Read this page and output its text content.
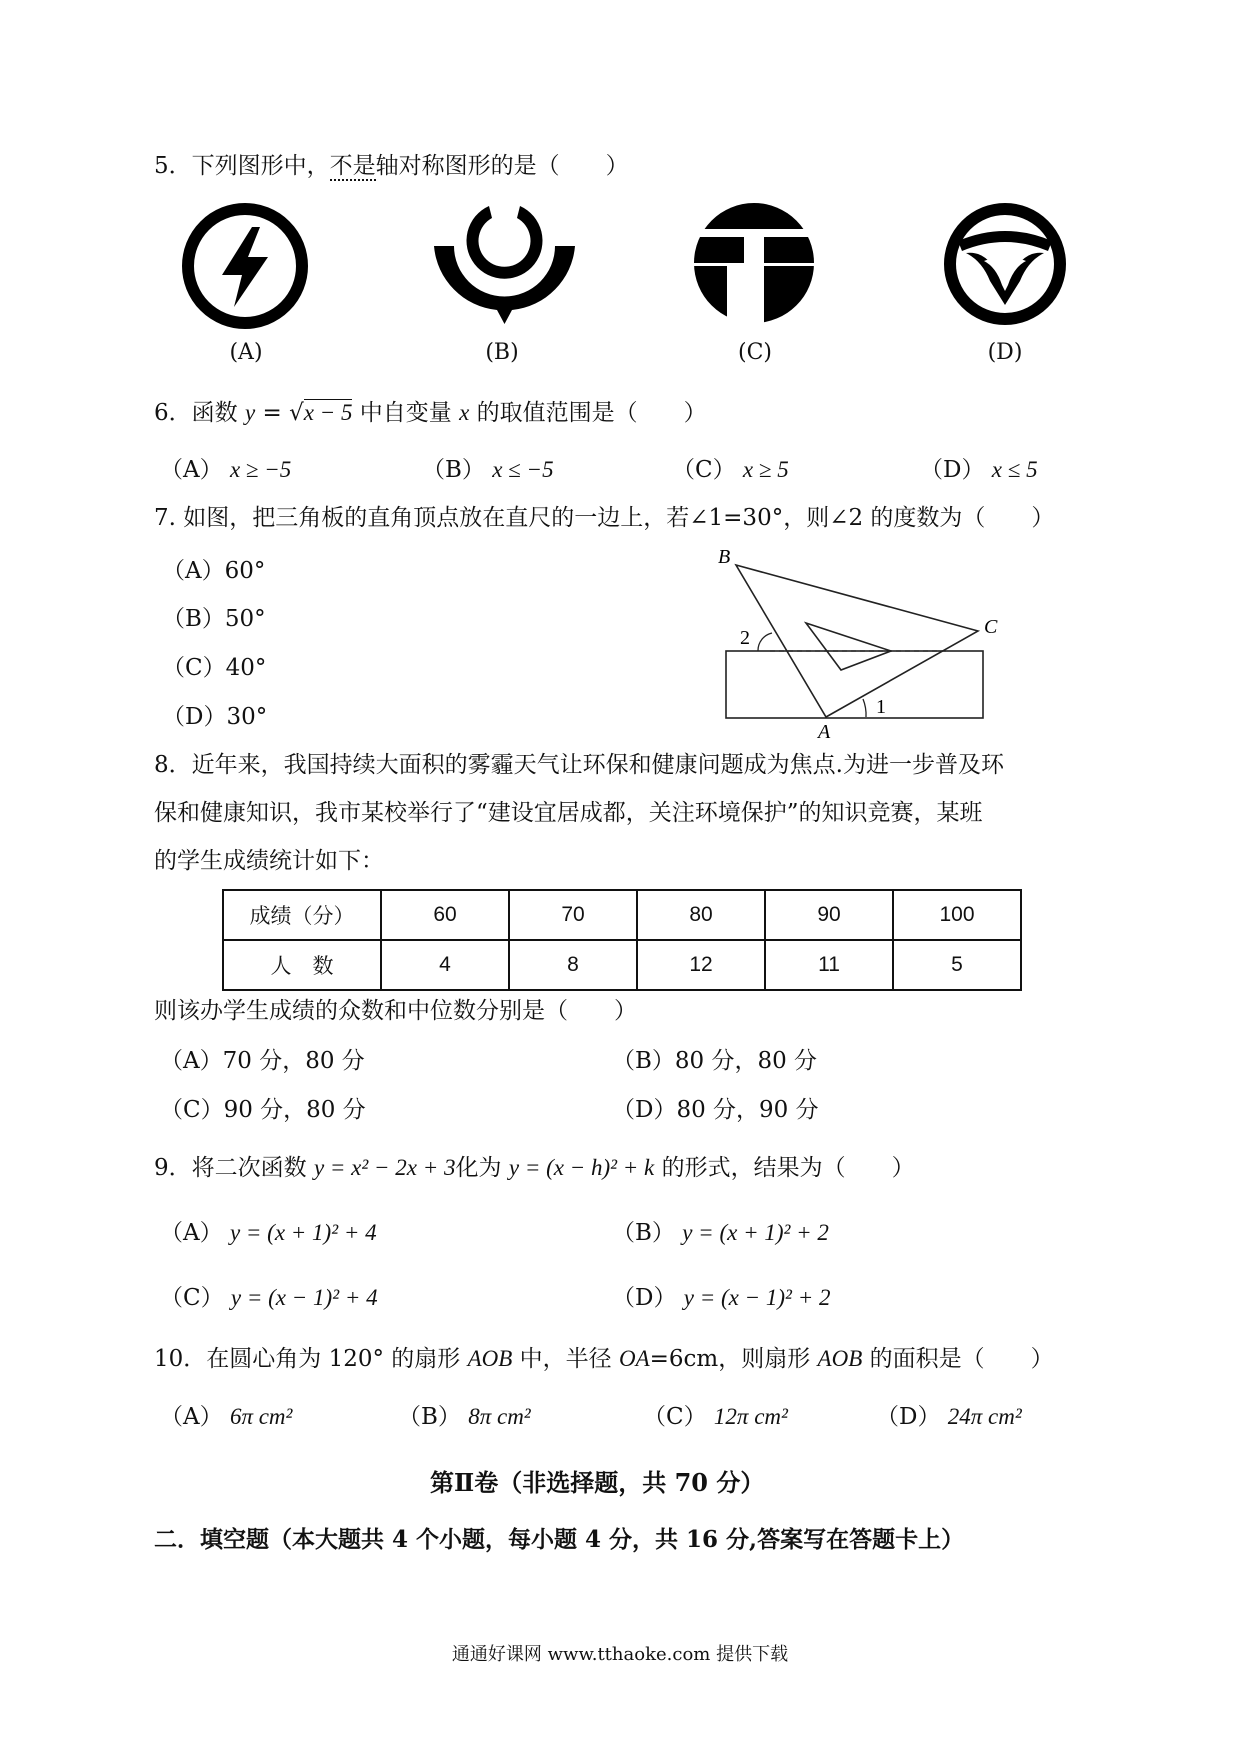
5．下列图形中，不是轴对称图形的是（　　）
(A)	(B)	(C)	(D)
6．函数 y = √x − 5 中自变量 x 的取值范围是（　　）
（A） x ≥ −5	（B） x ≤ −5	（C） x ≥ 5	（D） x ≤ 5
7. 如图，把三角板的直角顶点放在直尺的一边上，若∠1=30°，则∠2 的度数为（　　）
（A）60°
（B）50°
（C）40°
（D）30°
B
C
2
1
A
8．近年来，我国持续大面积的雾霾天气让环保和健康问题成为焦点.为进一步普及环
保和健康知识，我市某校举行了“建设宜居成都，关注环境保护”的知识竞赛，某班
的学生成绩统计如下：
成绩（分）	60	70	80	90	100
人　数	4	8	12	11	5
则该办学生成绩的众数和中位数分别是（　　）
（A）70 分，80 分	（B）80 分，80 分
（C）90 分，80 分	（D）80 分，90 分
9．将二次函数 y = x² − 2x + 3化为 y = (x − h)² + k 的形式，结果为（　　）
（A） y = (x + 1)² + 4	（B） y = (x + 1)² + 2
（C） y = (x − 1)² + 4	（D） y = (x − 1)² + 2
10．在圆心角为 120° 的扇形 AOB 中，半径 OA=6cm，则扇形 AOB 的面积是（　　）
（A） 6π cm²	（B） 8π cm²	（C） 12π cm²	（D） 24π cm²
第Ⅱ卷（非选择题，共 70 分）
二．填空题（本大题共 4 个小题，每小题 4 分，共 16 分,答案写在答题卡上）
通通好课网 www.tthaoke.com 提供下载
